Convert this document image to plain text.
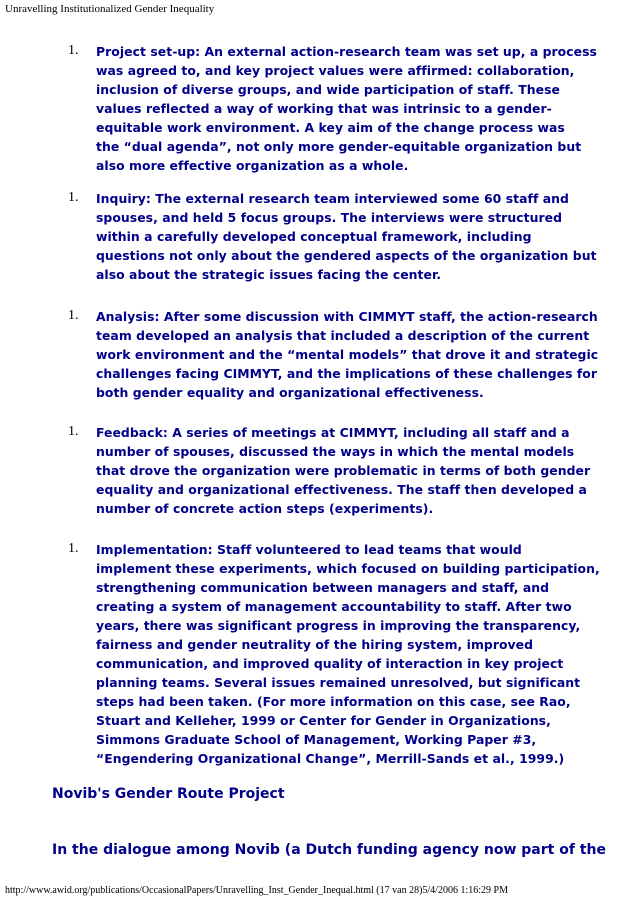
Unravelling Institutionalized Gender Inequality
1. Project set-up: An external action-research team was set up, a process
was agreed to, and key project values were affirmed: collaboration,
inclusion of diverse groups, and wide participation of staff. These
values reflected a way of working that was intrinsic to a gender-
equitable work environment. A key aim of the change process was
the “dual agenda”, not only more gender-equitable organization but
also more effective organization as a whole.
1. Inquiry: The external research team interviewed some 60 staff and
spouses, and held 5 focus groups. The interviews were structured
within a carefully developed conceptual framework, including
questions not only about the gendered aspects of the organization but
also about the strategic issues facing the center.
1. Analysis: After some discussion with CIMMYT staff, the action-research
team developed an analysis that included a description of the current
work environment and the “mental models” that drove it and strategic
challenges facing CIMMYT, and the implications of these challenges for
both gender equality and organizational effectiveness.
1. Feedback: A series of meetings at CIMMYT, including all staff and a
number of spouses, discussed the ways in which the mental models
that drove the organization were problematic in terms of both gender
equality and organizational effectiveness. The staff then developed a
number of concrete action steps (experiments).
1. Implementation: Staff volunteered to lead teams that would
implement these experiments, which focused on building participation,
strengthening communication between managers and staff, and
creating a system of management accountability to staff. After two
years, there was significant progress in improving the transparency,
fairness and gender neutrality of the hiring system, improved
communication, and improved quality of interaction in key project
planning teams. Several issues remained unresolved, but significant
steps had been taken. (For more information on this case, see Rao,
Stuart and Kelleher, 1999 or Center for Gender in Organizations,
Simmons Graduate School of Management, Working Paper #3,
“Engendering Organizational Change”, Merrill-Sands et al., 1999.)
Novib's Gender Route Project
In the dialogue among Novib (a Dutch funding agency now part of the
http://www.awid.org/publications/OccasionalPapers/Unravelling_Inst_Gender_Inequal.html (17 van 28)5/4/2006 1:16:29 PM
